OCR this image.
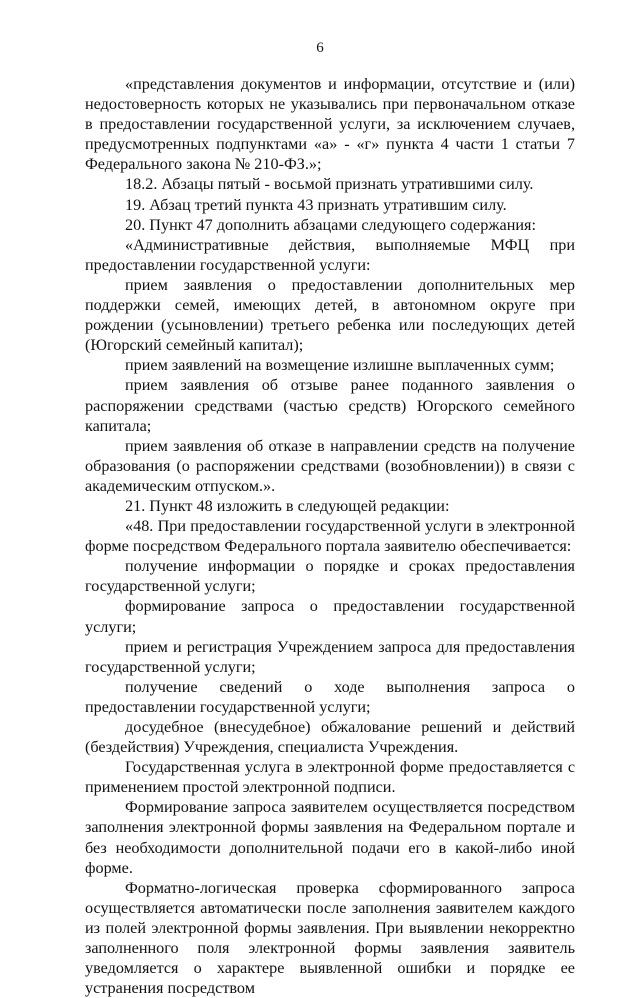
6

«представления документов и информации, отсутствие и (или) недостоверность которых не указывались при первоначальном отказе в предоставлении государственной услуги, за исключением случаев, предусмотренных подпунктами «а» - «г» пункта 4 части 1 статьи 7 Федерального закона № 210-ФЗ.»;

18.2. Абзацы пятый - восьмой признать утратившими силу.

19. Абзац третий пункта 43 признать утратившим силу.

20. Пункт 47 дополнить абзацами следующего содержания:

«Административные действия, выполняемые МФЦ при предоставлении государственной услуги:

прием заявления о предоставлении дополнительных мер поддержки семей, имеющих детей, в автономном округе при рождении (усыновлении) третьего ребенка или последующих детей (Югорский семейный капитал);

прием заявлений на возмещение излишне выплаченных сумм;

прием заявления об отзыве ранее поданного заявления о распоряжении средствами (частью средств) Югорского семейного капитала;

прием заявления об отказе в направлении средств на получение образования (о распоряжении средствами (возобновлении)) в связи с академическим отпуском.».

21. Пункт 48 изложить в следующей редакции:

«48. При предоставлении государственной услуги в электронной форме посредством Федерального портала заявителю обеспечивается:

получение информации о порядке и сроках предоставления государственной услуги;

формирование запроса о предоставлении государственной услуги;

прием и регистрация Учреждением запроса для предоставления государственной услуги;

получение сведений о ходе выполнения запроса о предоставлении государственной услуги;

досудебное (внесудебное) обжалование решений и действий (бездействия) Учреждения, специалиста Учреждения.

Государственная услуга в электронной форме предоставляется с применением простой электронной подписи.

Формирование запроса заявителем осуществляется посредством заполнения электронной формы заявления на Федеральном портале и без необходимости дополнительной подачи его в какой-либо иной форме.

Форматно-логическая проверка сформированного запроса осуществляется автоматически после заполнения заявителем каждого из полей электронной формы заявления. При выявлении некорректно заполненного поля электронной формы заявления заявитель уведомляется о характере выявленной ошибки и порядке ее устранения посредством
